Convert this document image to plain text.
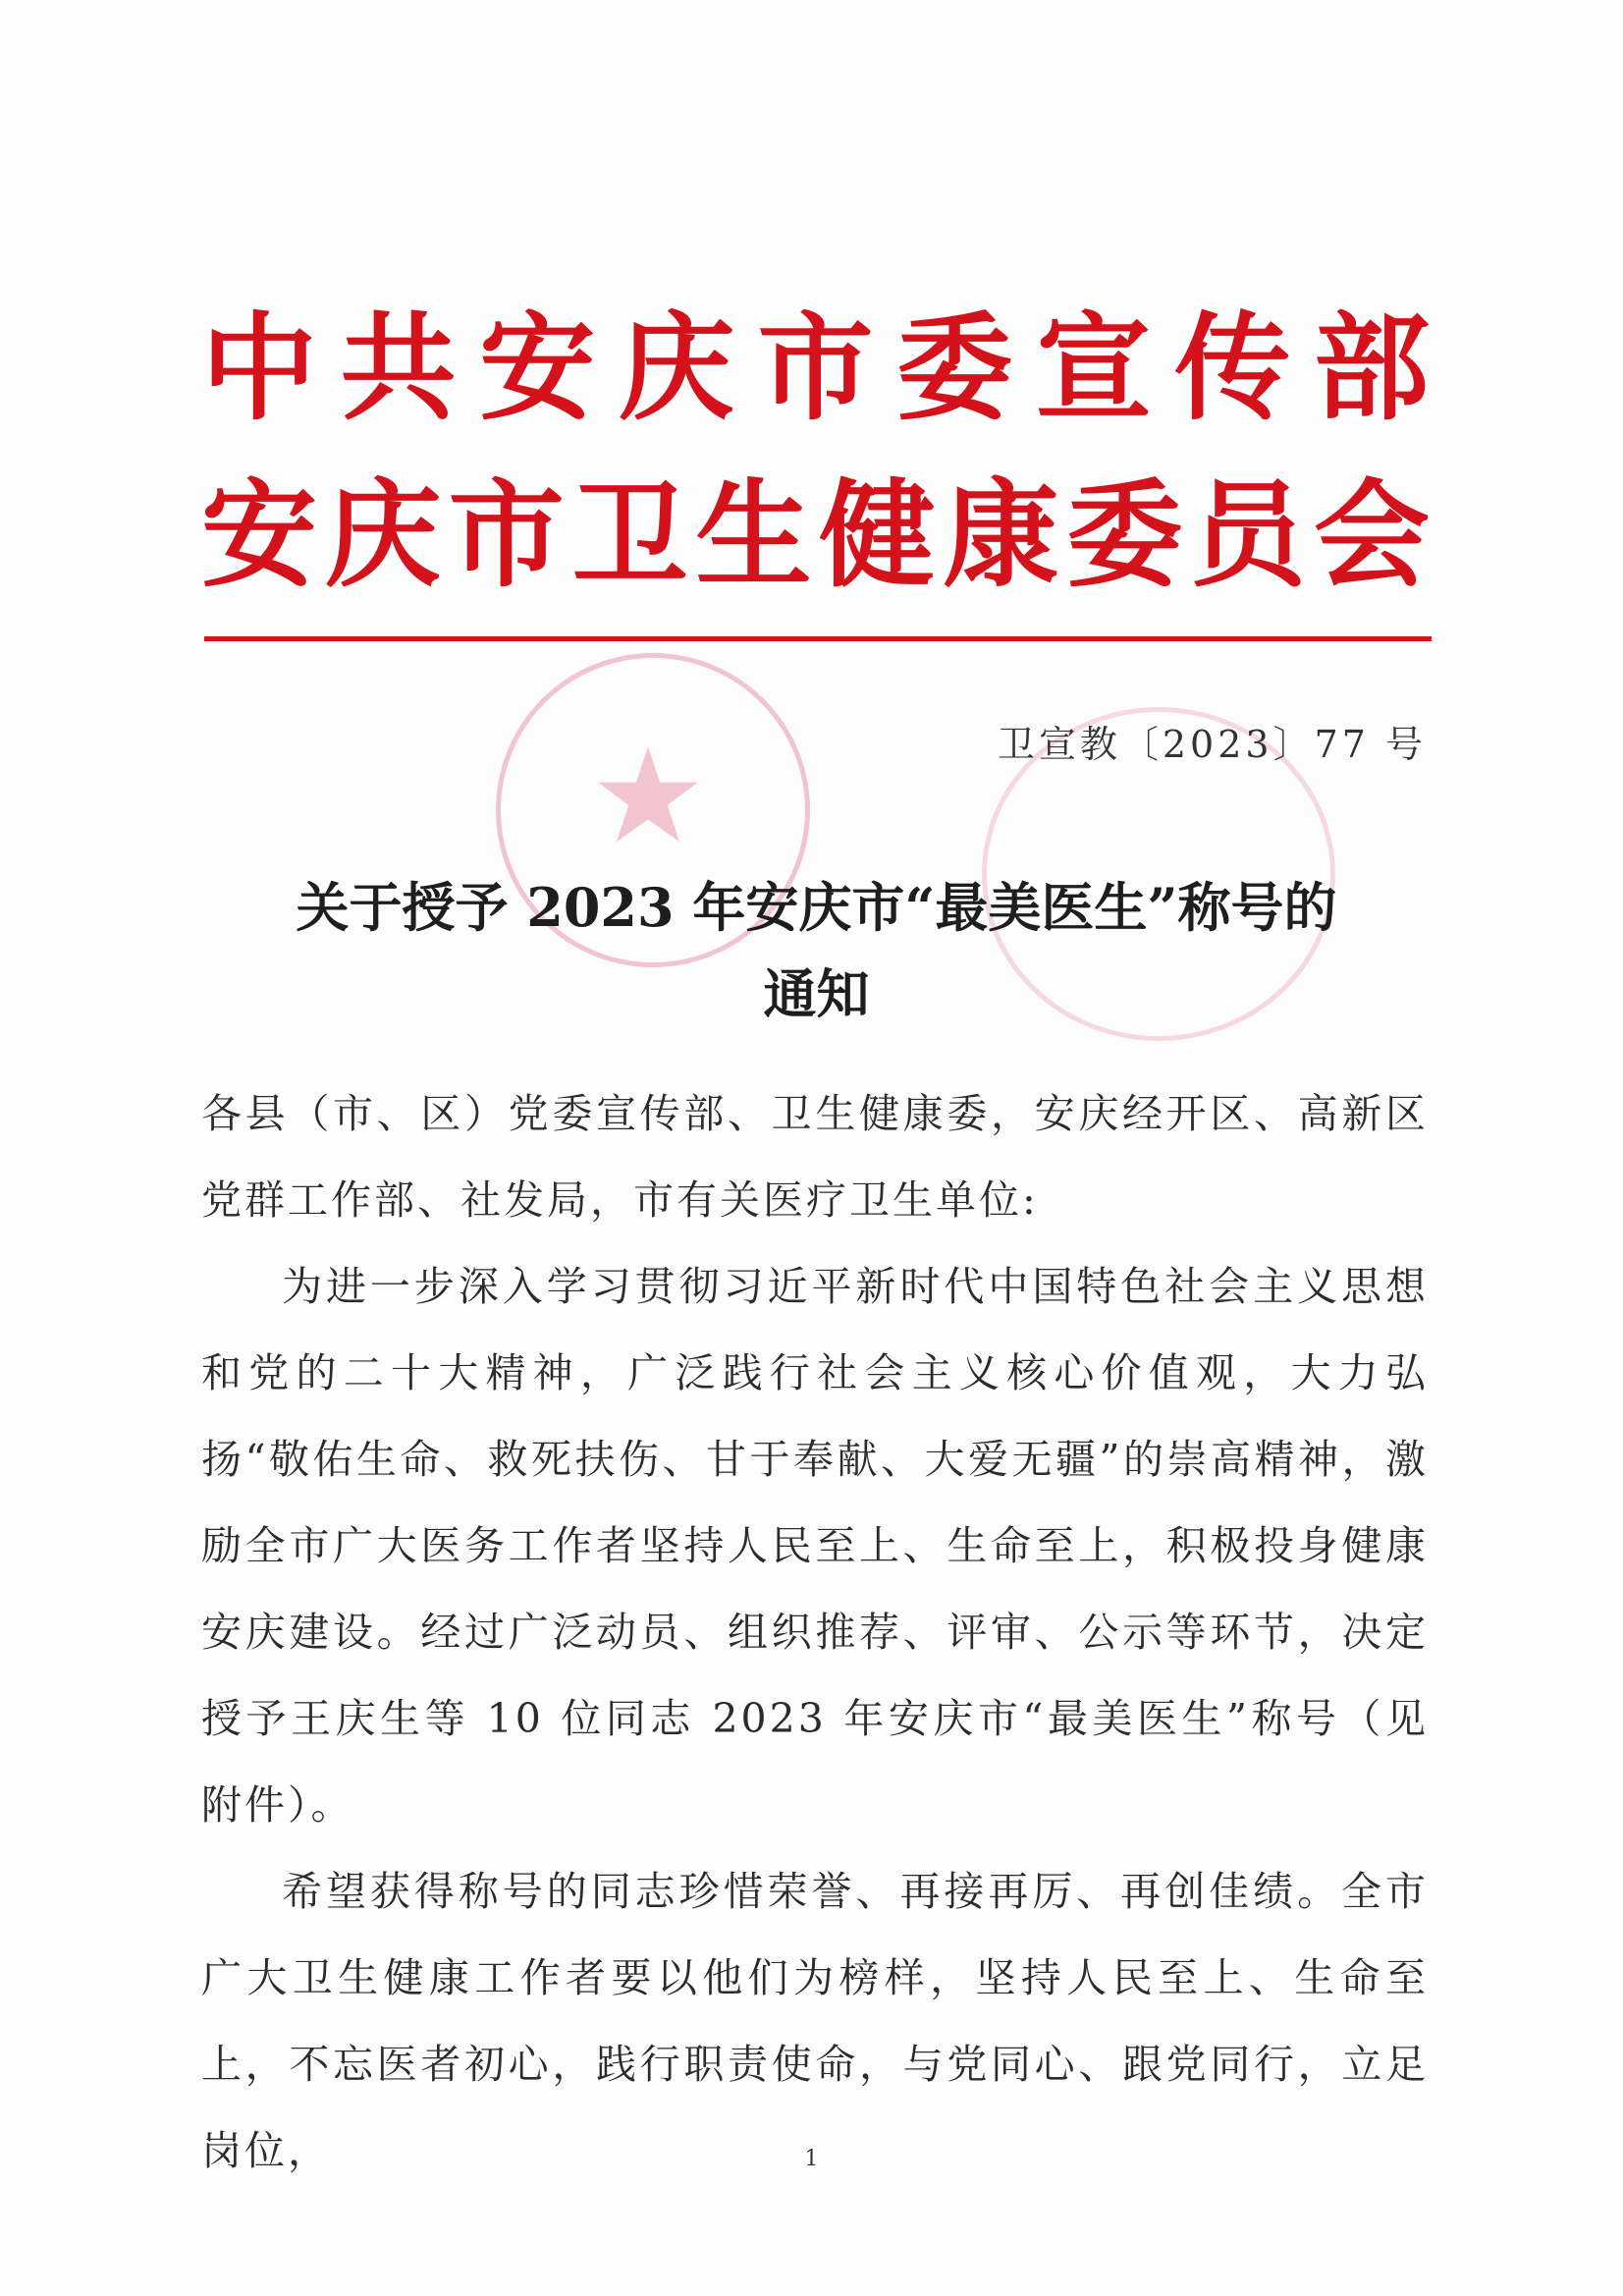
中共安庆市委宣传部
安庆市卫生健康委员会
卫宣教〔2023〕77 号
关于授予 2023 年安庆市“最美医生”称号的
通知

各县（市、区）党委宣传部、卫生健康委，安庆经开区、高新区党群工作部、社发局，市有关医疗卫生单位:

为进一步深入学习贯彻习近平新时代中国特色社会主义思想和党的二十大精神，广泛践行社会主义核心价值观，大力弘扬“敬佑生命、救死扶伤、甘于奉献、大爱无疆”的崇高精神，激励全市广大医务工作者坚持人民至上、生命至上，积极投身健康安庆建设。经过广泛动员、组织推荐、评审、公示等环节，决定授予王庆生等 10 位同志 2023 年安庆市“最美医生”称号（见附件）。

希望获得称号的同志珍惜荣誉、再接再厉、再创佳绩。全市广大卫生健康工作者要以他们为榜样，坚持人民至上、生命至上，不忘医者初心，践行职责使命，与党同心、跟党同行，立足岗位，	1
